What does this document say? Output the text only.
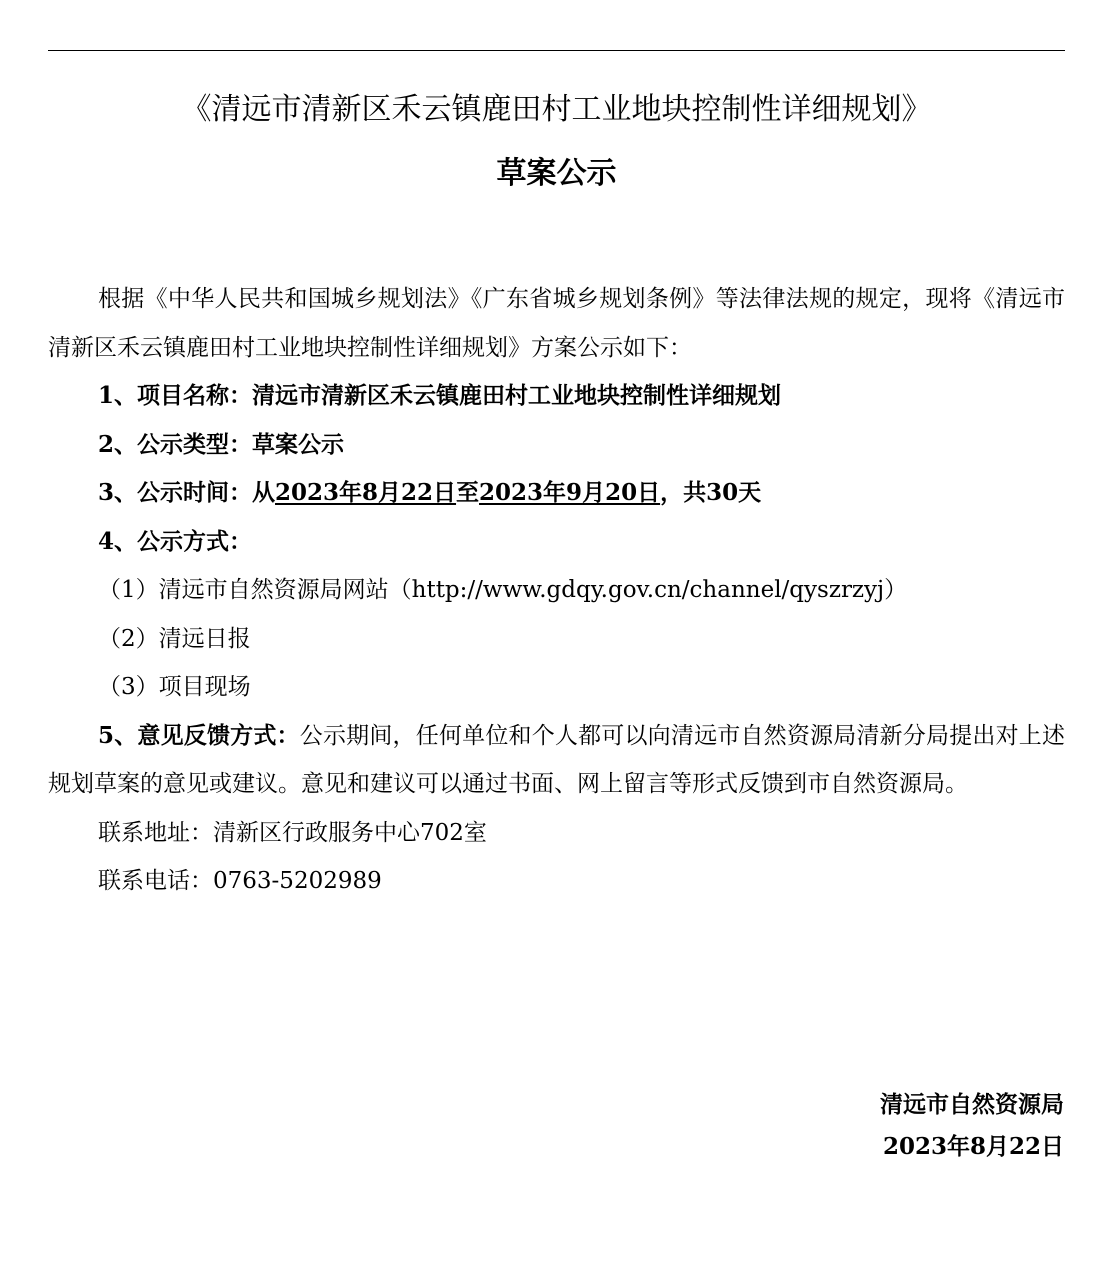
《清远市清新区禾云镇鹿田村工业地块控制性详细规划》
草案公示

根据《中华人民共和国城乡规划法》《广东省城乡规划条例》等法律法规的规定，现将《清远市清新区禾云镇鹿田村工业地块控制性详细规划》方案公示如下：

1、项目名称：清远市清新区禾云镇鹿田村工业地块控制性详细规划

2、公示类型：草案公示

3、公示时间：从2023年8月22日至2023年9月20日，共30天

4、公示方式：

（1）清远市自然资源局网站（http://www.gdqy.gov.cn/channel/qyszrzyj）

（2）清远日报

（3）项目现场

5、意见反馈方式：公示期间，任何单位和个人都可以向清远市自然资源局清新分局提出对上述规划草案的意见或建议。意见和建议可以通过书面、网上留言等形式反馈到市自然资源局。

联系地址：清新区行政服务中心702室

联系电话：0763-5202989

清远市自然资源局
2023年8月22日
